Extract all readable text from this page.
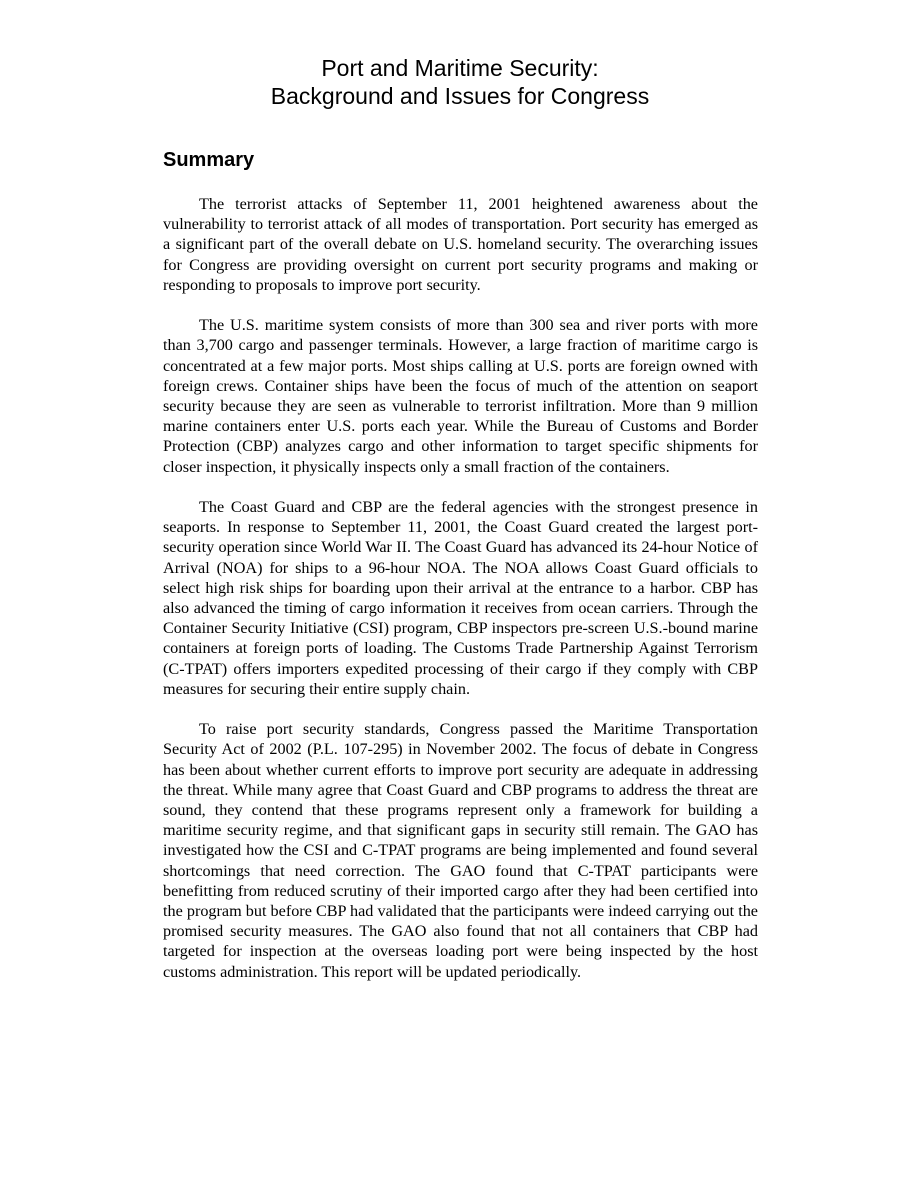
Port and Maritime Security:
Background and Issues for Congress
Summary

The terrorist attacks of September 11, 2001 heightened awareness about the vulnerability to terrorist attack of all modes of transportation. Port security has emerged as a significant part of the overall debate on U.S. homeland security. The overarching issues for Congress are providing oversight on current port security programs and making or responding to proposals to improve port security.

The U.S. maritime system consists of more than 300 sea and river ports with more than 3,700 cargo and passenger terminals. However, a large fraction of maritime cargo is concentrated at a few major ports. Most ships calling at U.S. ports are foreign owned with foreign crews. Container ships have been the focus of much of the attention on seaport security because they are seen as vulnerable to terrorist infiltration. More than 9 million marine containers enter U.S. ports each year. While the Bureau of Customs and Border Protection (CBP) analyzes cargo and other information to target specific shipments for closer inspection, it physically inspects only a small fraction of the containers.

The Coast Guard and CBP are the federal agencies with the strongest presence in seaports. In response to September 11, 2001, the Coast Guard created the largest port-security operation since World War II. The Coast Guard has advanced its 24-hour Notice of Arrival (NOA) for ships to a 96-hour NOA. The NOA allows Coast Guard officials to select high risk ships for boarding upon their arrival at the entrance to a harbor. CBP has also advanced the timing of cargo information it receives from ocean carriers. Through the Container Security Initiative (CSI) program, CBP inspectors pre-screen U.S.-bound marine containers at foreign ports of loading. The Customs Trade Partnership Against Terrorism (C-TPAT) offers importers expedited processing of their cargo if they comply with CBP measures for securing their entire supply chain.

To raise port security standards, Congress passed the Maritime Transportation Security Act of 2002 (P.L. 107-295) in November 2002. The focus of debate in Congress has been about whether current efforts to improve port security are adequate in addressing the threat. While many agree that Coast Guard and CBP programs to address the threat are sound, they contend that these programs represent only a framework for building a maritime security regime, and that significant gaps in security still remain. The GAO has investigated how the CSI and C-TPAT programs are being implemented and found several shortcomings that need correction. The GAO found that C-TPAT participants were benefitting from reduced scrutiny of their imported cargo after they had been certified into the program but before CBP had validated that the participants were indeed carrying out the promised security measures. The GAO also found that not all containers that CBP had targeted for inspection at the overseas loading port were being inspected by the host customs administration. This report will be updated periodically.
